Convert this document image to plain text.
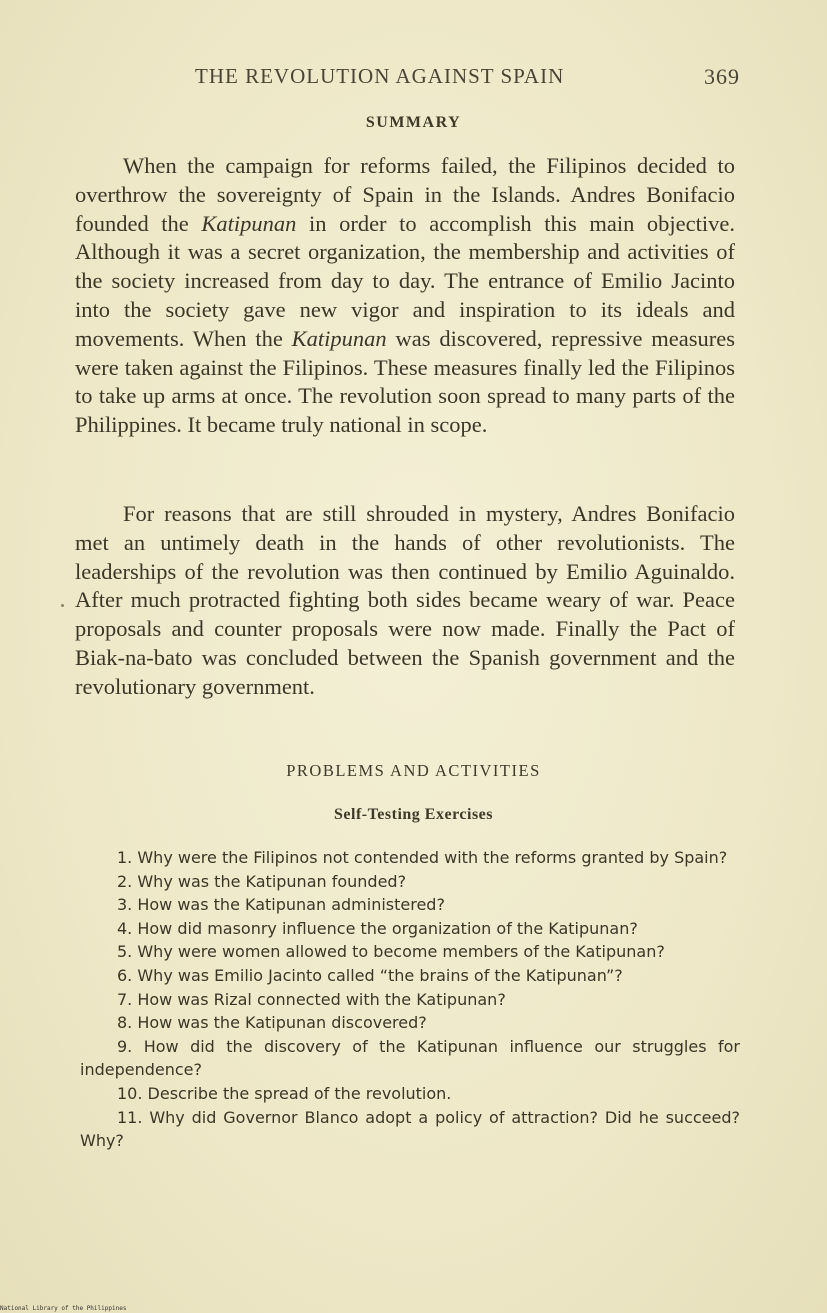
THE REVOLUTION AGAINST SPAIN	369
SUMMARY

When the campaign for reforms failed, the Filipinos decided to overthrow the sovereignty of Spain in the Islands. Andres Bonifacio founded the Katipunan in order to accomplish this main objective. Although it was a secret organization, the membership and activities of the society increased from day to day. The entrance of Emilio Jacinto into the society gave new vigor and inspiration to its ideals and movements. When the Katipunan was discovered, repressive measures were taken against the Filipinos. These measures finally led the Filipinos to take up arms at once. The revolution soon spread to many parts of the Philippines. It became truly national in scope.

For reasons that are still shrouded in mystery, Andres Bonifacio met an untimely death in the hands of other revolutionists. The leaderships of the revolution was then continued by Emilio Aguinaldo. After much protracted fighting both sides became weary of war. Peace proposals and counter proposals were now made. Finally the Pact of Biak-na-bato was concluded between the Spanish government and the revolutionary government.

PROBLEMS AND ACTIVITIES
Self-Testing Exercises
1. Why were the Filipinos not contended with the reforms granted by Spain?
2. Why was the Katipunan founded?
3. How was the Katipunan administered?
4. How did masonry influence the organization of the Katipunan?
5. Why were women allowed to become members of the Katipunan?
6. Why was Emilio Jacinto called “the brains of the Katipunan”?
7. How was Rizal connected with the Katipunan?
8. How was the Katipunan discovered?
9. How did the discovery of the Katipunan influence our struggles for independence?
10. Describe the spread of the revolution.
11. Why did Governor Blanco adopt a policy of attraction? Did he succeed? Why?
National Library of the Philippines
